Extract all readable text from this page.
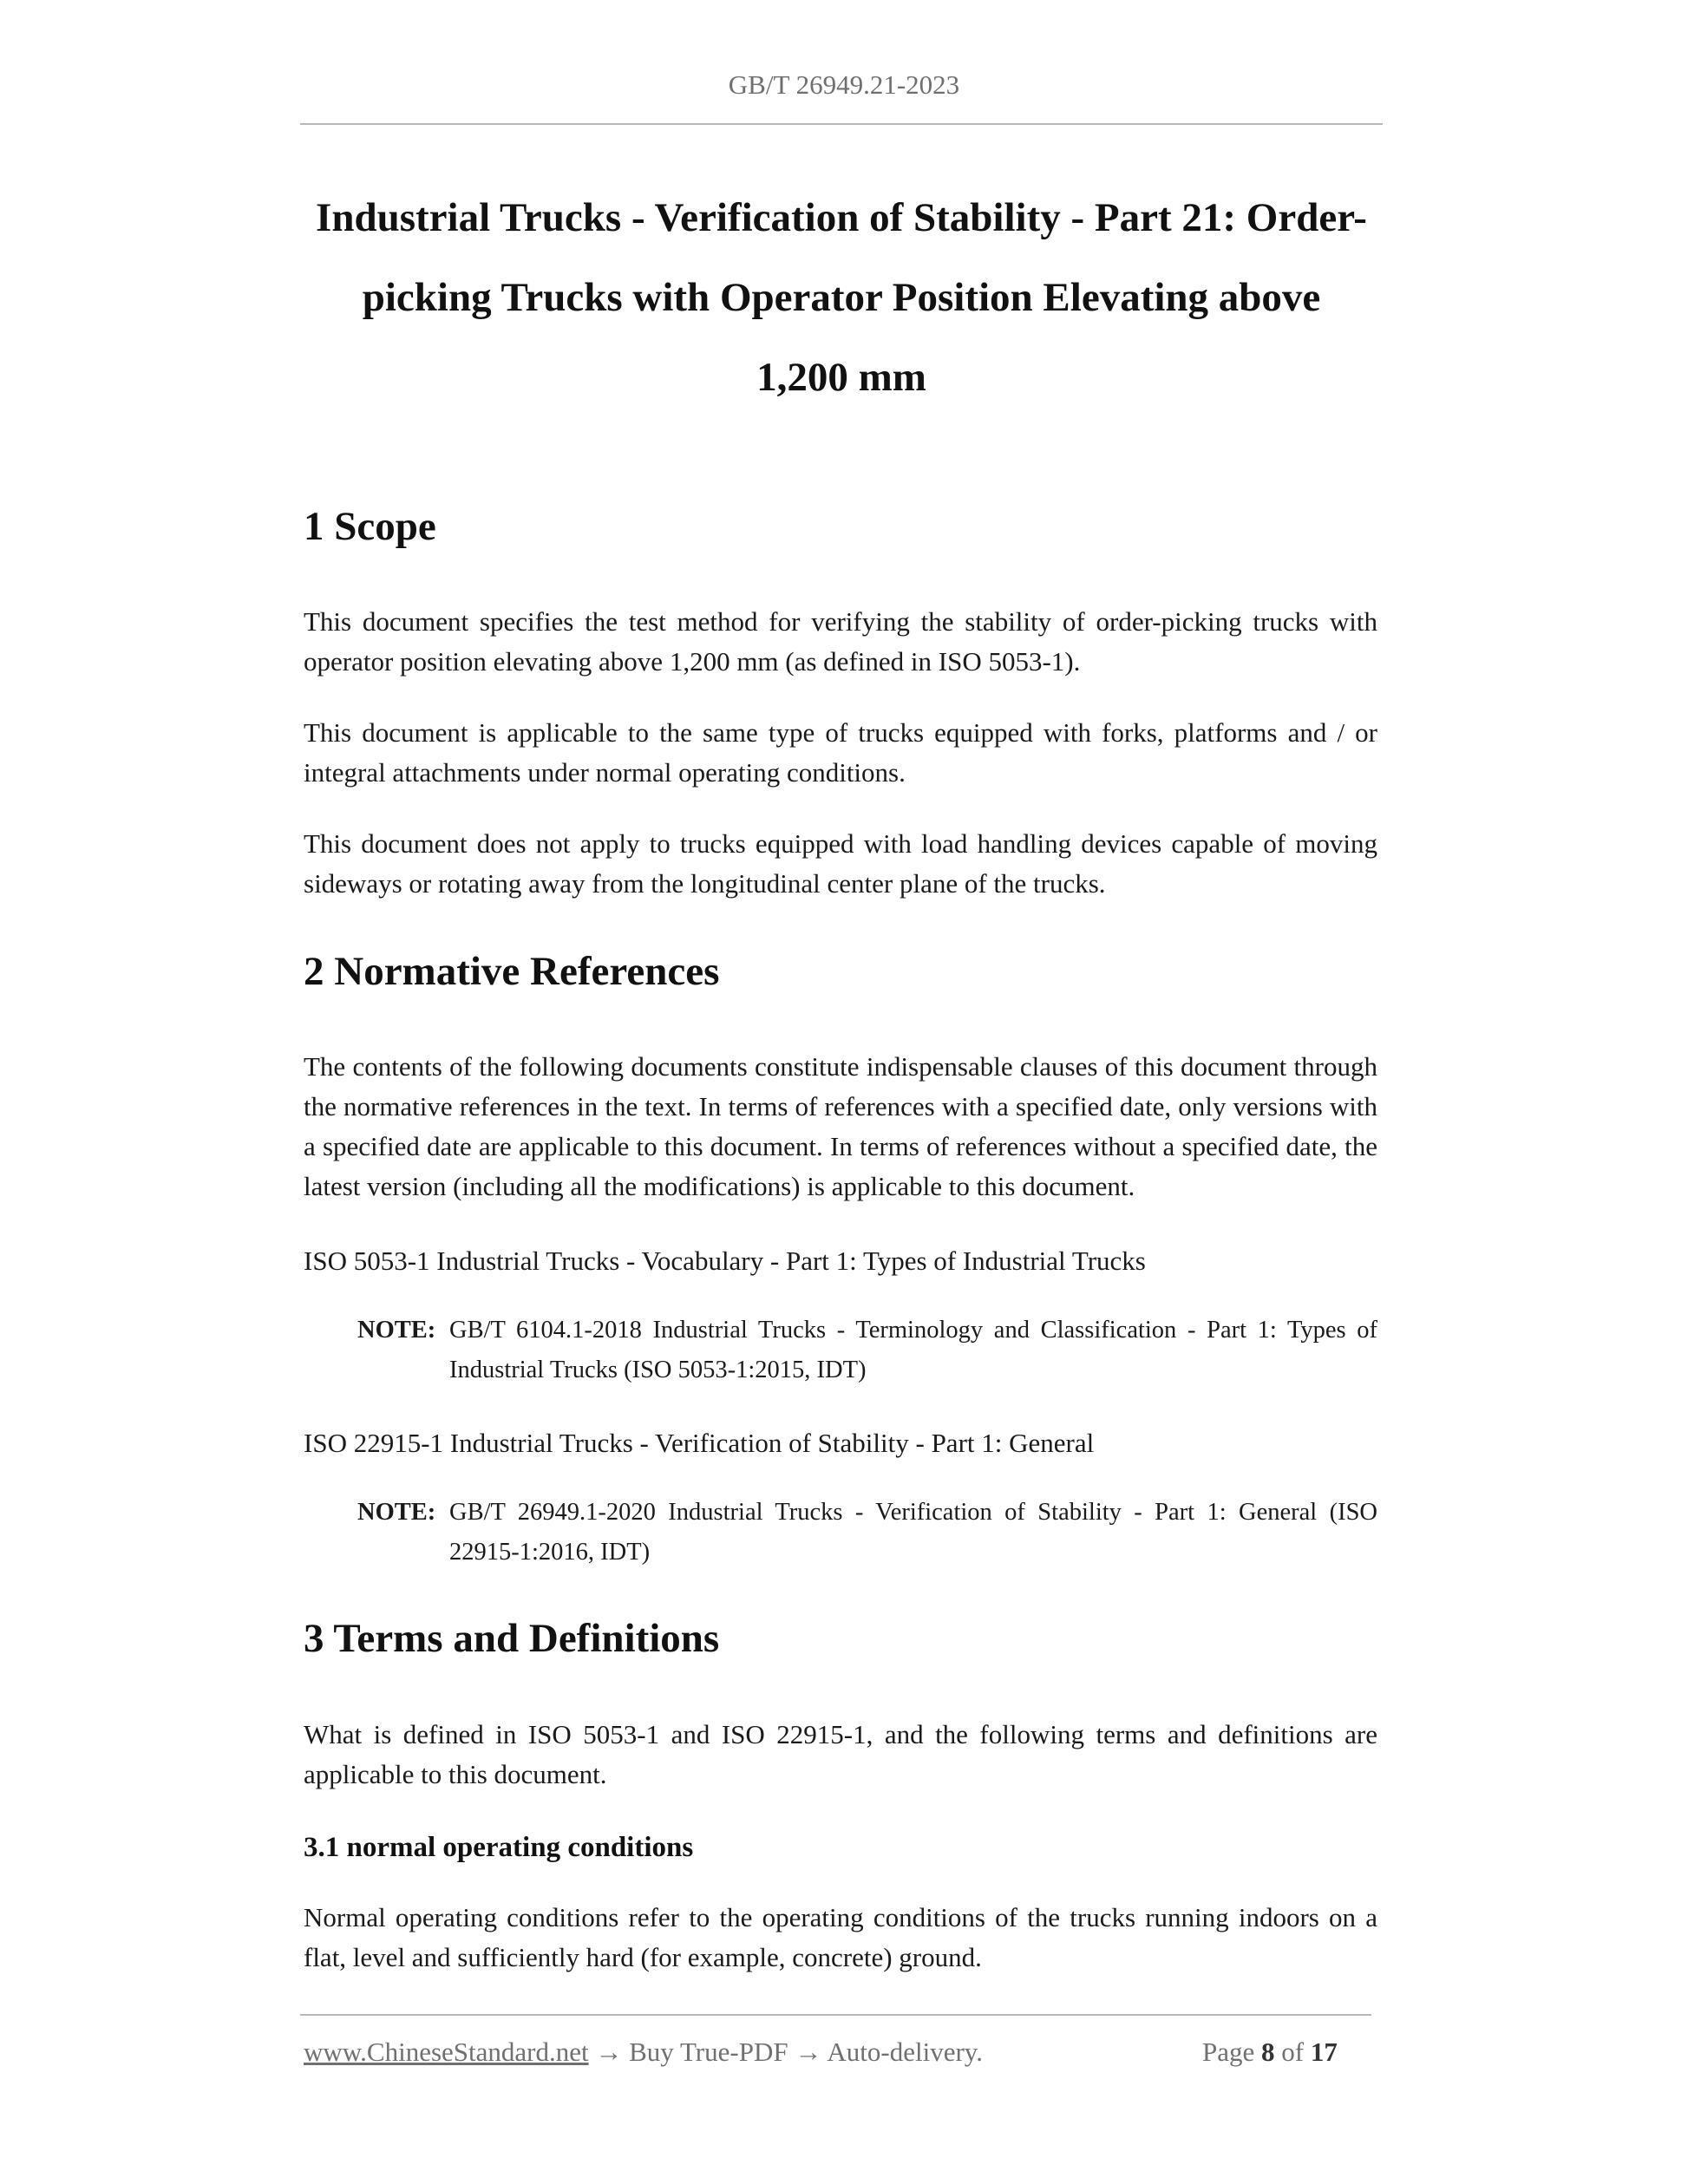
GB/T 26949.21-2023
Industrial Trucks - Verification of Stability - Part 21: Order-
picking Trucks with Operator Position Elevating above
1,200 mm
1 Scope
This document specifies the test method for verifying the stability of order-picking trucks with operator position elevating above 1,200 mm (as defined in ISO 5053-1).
This document is applicable to the same type of trucks equipped with forks, platforms and / or integral attachments under normal operating conditions.
This document does not apply to trucks equipped with load handling devices capable of moving sideways or rotating away from the longitudinal center plane of the trucks.
2 Normative References
The contents of the following documents constitute indispensable clauses of this document through the normative references in the text. In terms of references with a specified date, only versions with a specified date are applicable to this document. In terms of references without a specified date, the latest version (including all the modifications) is applicable to this document.
ISO 5053-1 Industrial Trucks - Vocabulary - Part 1: Types of Industrial Trucks
NOTE: GB/T 6104.1-2018 Industrial Trucks - Terminology and Classification - Part 1: Types of Industrial Trucks (ISO 5053-1:2015, IDT)
ISO 22915-1 Industrial Trucks - Verification of Stability - Part 1: General
NOTE: GB/T 26949.1-2020 Industrial Trucks - Verification of Stability - Part 1: General (ISO 22915-1:2016, IDT)
3 Terms and Definitions
What is defined in ISO 5053-1 and ISO 22915-1, and the following terms and definitions are applicable to this document.
3.1 normal operating conditions
Normal operating conditions refer to the operating conditions of the trucks running indoors on a flat, level and sufficiently hard (for example, concrete) ground.
www.ChineseStandard.net → Buy True-PDF → Auto-delivery.	Page 8 of 17
